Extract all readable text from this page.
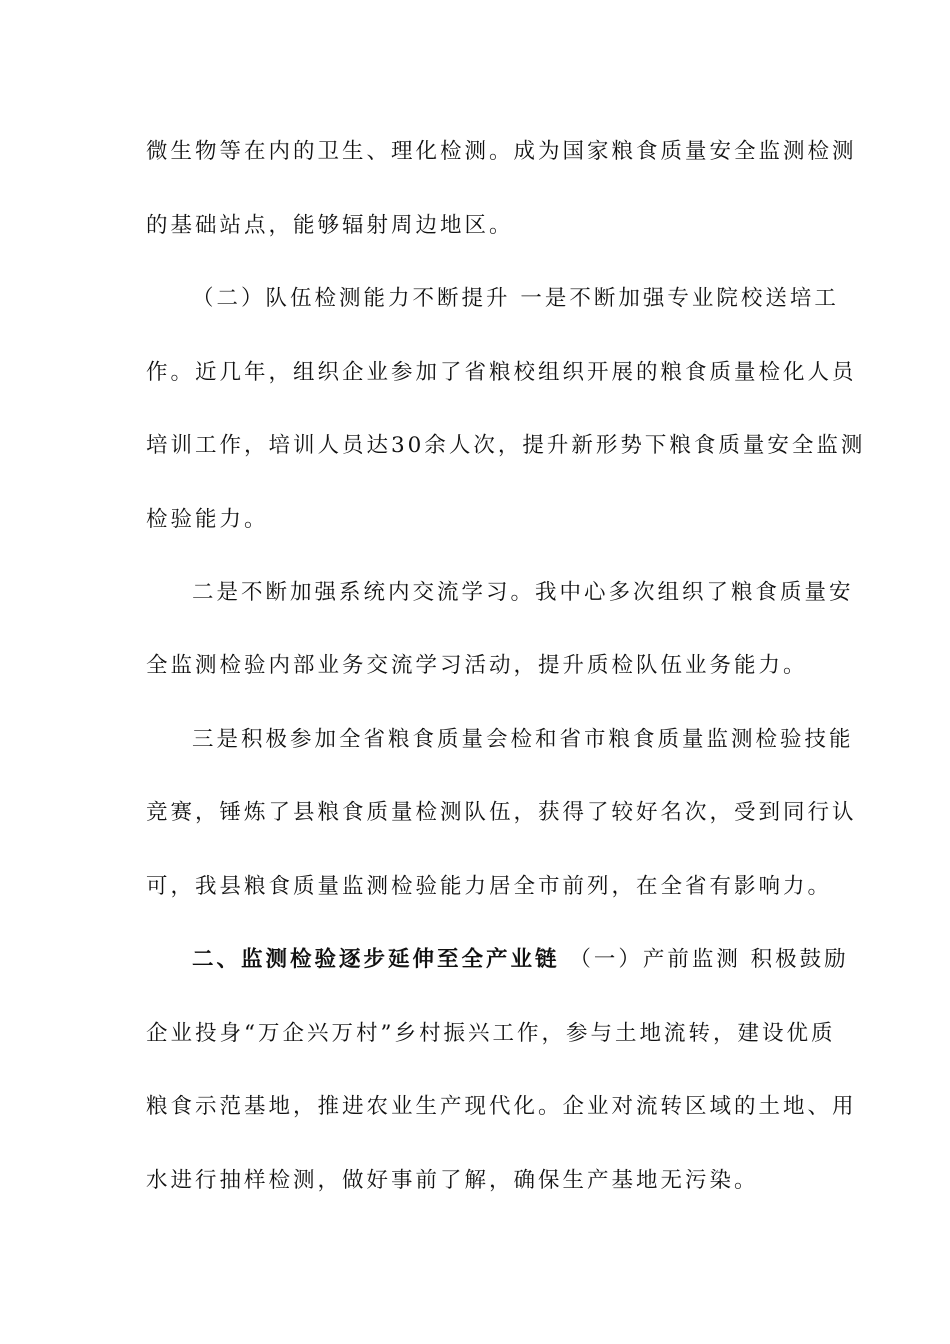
微生物等在内的卫生、理化检测。成为国家粮食质量安全监测检测
的基础站点，能够辐射周边地区。
（二）队伍检测能力不断提升 一是不断加强专业院校送培工
作。近几年，组织企业参加了省粮校组织开展的粮食质量检化人员
培训工作，培训人员达30余人次，提升新形势下粮食质量安全监测
检验能力。
二是不断加强系统内交流学习。我中心多次组织了粮食质量安
全监测检验内部业务交流学习活动，提升质检队伍业务能力。
三是积极参加全省粮食质量会检和省市粮食质量监测检验技能
竞赛，锤炼了县粮食质量检测队伍，获得了较好名次，受到同行认
可，我县粮食质量监测检验能力居全市前列，在全省有影响力。
二、监测检验逐步延伸至全产业链 （一）产前监测 积极鼓励
企业投身“万企兴万村”乡村振兴工作，参与土地流转，建设优质
粮食示范基地，推进农业生产现代化。企业对流转区域的土地、用
水进行抽样检测，做好事前了解，确保生产基地无污染。
